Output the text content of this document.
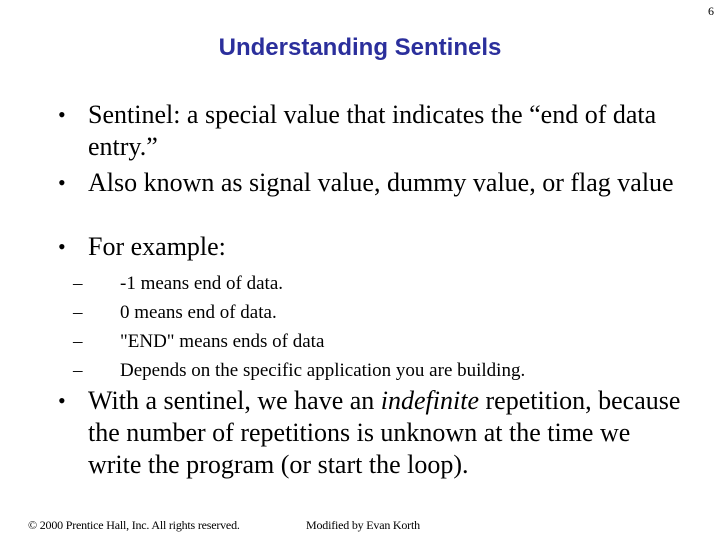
6
Understanding Sentinels
• Sentinel: a special value that indicates the “end of data entry.”
• Also known as signal value, dummy value, or flag value
• For example:
– -1 means end of data.
– 0 means end of data.
– "END" means ends of data
– Depends on the specific application you are building.
• With a sentinel, we have an indefinite repetition, because the number of repetitions is unknown at the time we write the program (or start the loop).
© 2000 Prentice Hall, Inc. All rights reserved.	Modified by Evan Korth
